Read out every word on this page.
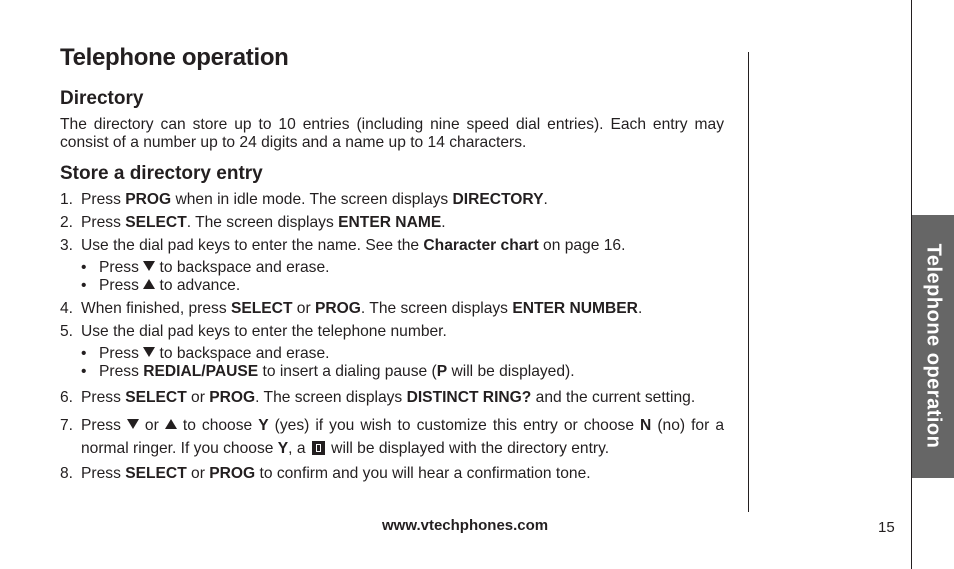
Telephone operation
Directory

The directory can store up to 10 entries (including nine speed dial entries). Each entry may consist of a number up to 24 digits and a name up to 14 characters.

Store a directory entry
1. Press PROG when in idle mode. The screen displays DIRECTORY.
2. Press SELECT. The screen displays ENTER NAME.
3. Use the dial pad keys to enter the name. See the Character chart on page 16.
• Press  to backspace and erase.
• Press  to advance.
4. When finished, press SELECT or PROG. The screen displays ENTER NUMBER.
5. Use the dial pad keys to enter the telephone number.
• Press  to backspace and erase.
• Press REDIAL/PAUSE to insert a dialing pause (P will be displayed).
6. Press SELECT or PROG. The screen displays DISTINCT RING? and the current setting.
7. Press  or  to choose Y (yes) if you wish to customize this entry or choose N (no) for a normal ringer. If you choose Y, a  will be displayed with the directory entry.
8. Press SELECT or PROG to confirm and you will hear a confirmation tone.
Telephone operation
www.vtechphones.com	15
